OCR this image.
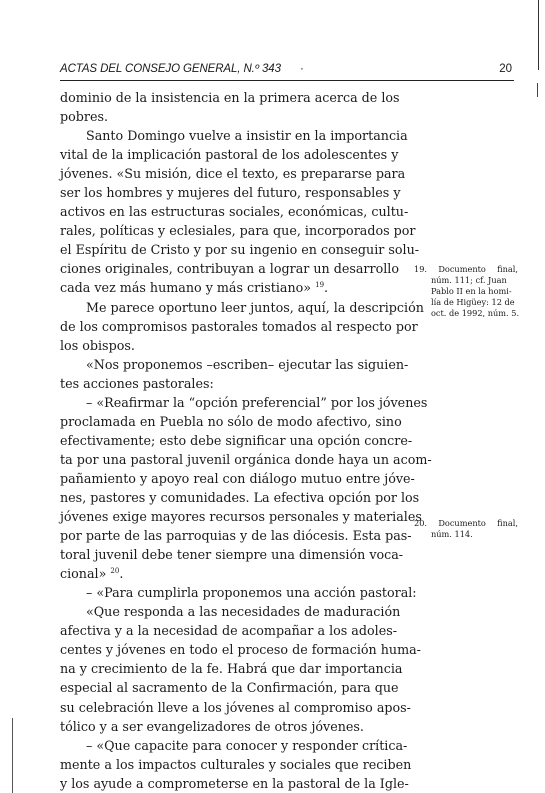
ACTAS DEL CONSEJO GENERAL, N.º 343 ·	20
dominio de la insistencia en la primera acerca de los
pobres.
Santo Domingo vuelve a insistir en la importancia
vital de la implicación pastoral de los adolescentes y
jóvenes. «Su misión, dice el texto, es prepararse para
ser los hombres y mujeres del futuro, responsables y
activos en las estructuras sociales, económicas, cultu-
rales, políticas y eclesiales, para que, incorporados por
el Espíritu de Cristo y por su ingenio en conseguir solu-
ciones originales, contribuyan a lograr un desarrollo
cada vez más humano y más cristiano» $^{19}$.
Me parece oportuno leer juntos, aquí, la descripción
de los compromisos pastorales tomados al respecto por
los obispos.
«Nos proponemos –escriben– ejecutar las siguien-
tes acciones pastorales:
– «Reafirmar la “opción preferencial” por los jóvenes
proclamada en Puebla no sólo de modo afectivo, sino
efectivamente; esto debe significar una opción concre-
ta por una pastoral juvenil orgánica donde haya un acom-
pañamiento y apoyo real con diálogo mutuo entre jóve-
nes, pastores y comunidades. La efectiva opción por los
jóvenes exige mayores recursos personales y materiales
por parte de las parroquias y de las diócesis. Esta pas-
toral juvenil debe tener siempre una dimensión voca-
cional» $^{20}$.
– «Para cumplirla proponemos una acción pastoral:
«Que responda a las necesidades de maduración
afectiva y a la necesidad de acompañar a los adoles-
centes y jóvenes en todo el proceso de formación huma-
na y crecimiento de la fe. Habrá que dar importancia
especial al sacramento de la Confirmación, para que
su celebración lleve a los jóvenes al compromiso apos-
tólico y a ser evangelizadores de otros jóvenes.
– «Que capacite para conocer y responder crítica-
mente a los impactos culturales y sociales que reciben
y los ayude a comprometerse en la pastoral de la Igle-
19. Documento final,
núm. 111; cf. Juan
Pablo II en la homi-
lía de Higüey: 12 de
oct. de 1992, núm. 5.
20. Documento final,
núm. 114.
